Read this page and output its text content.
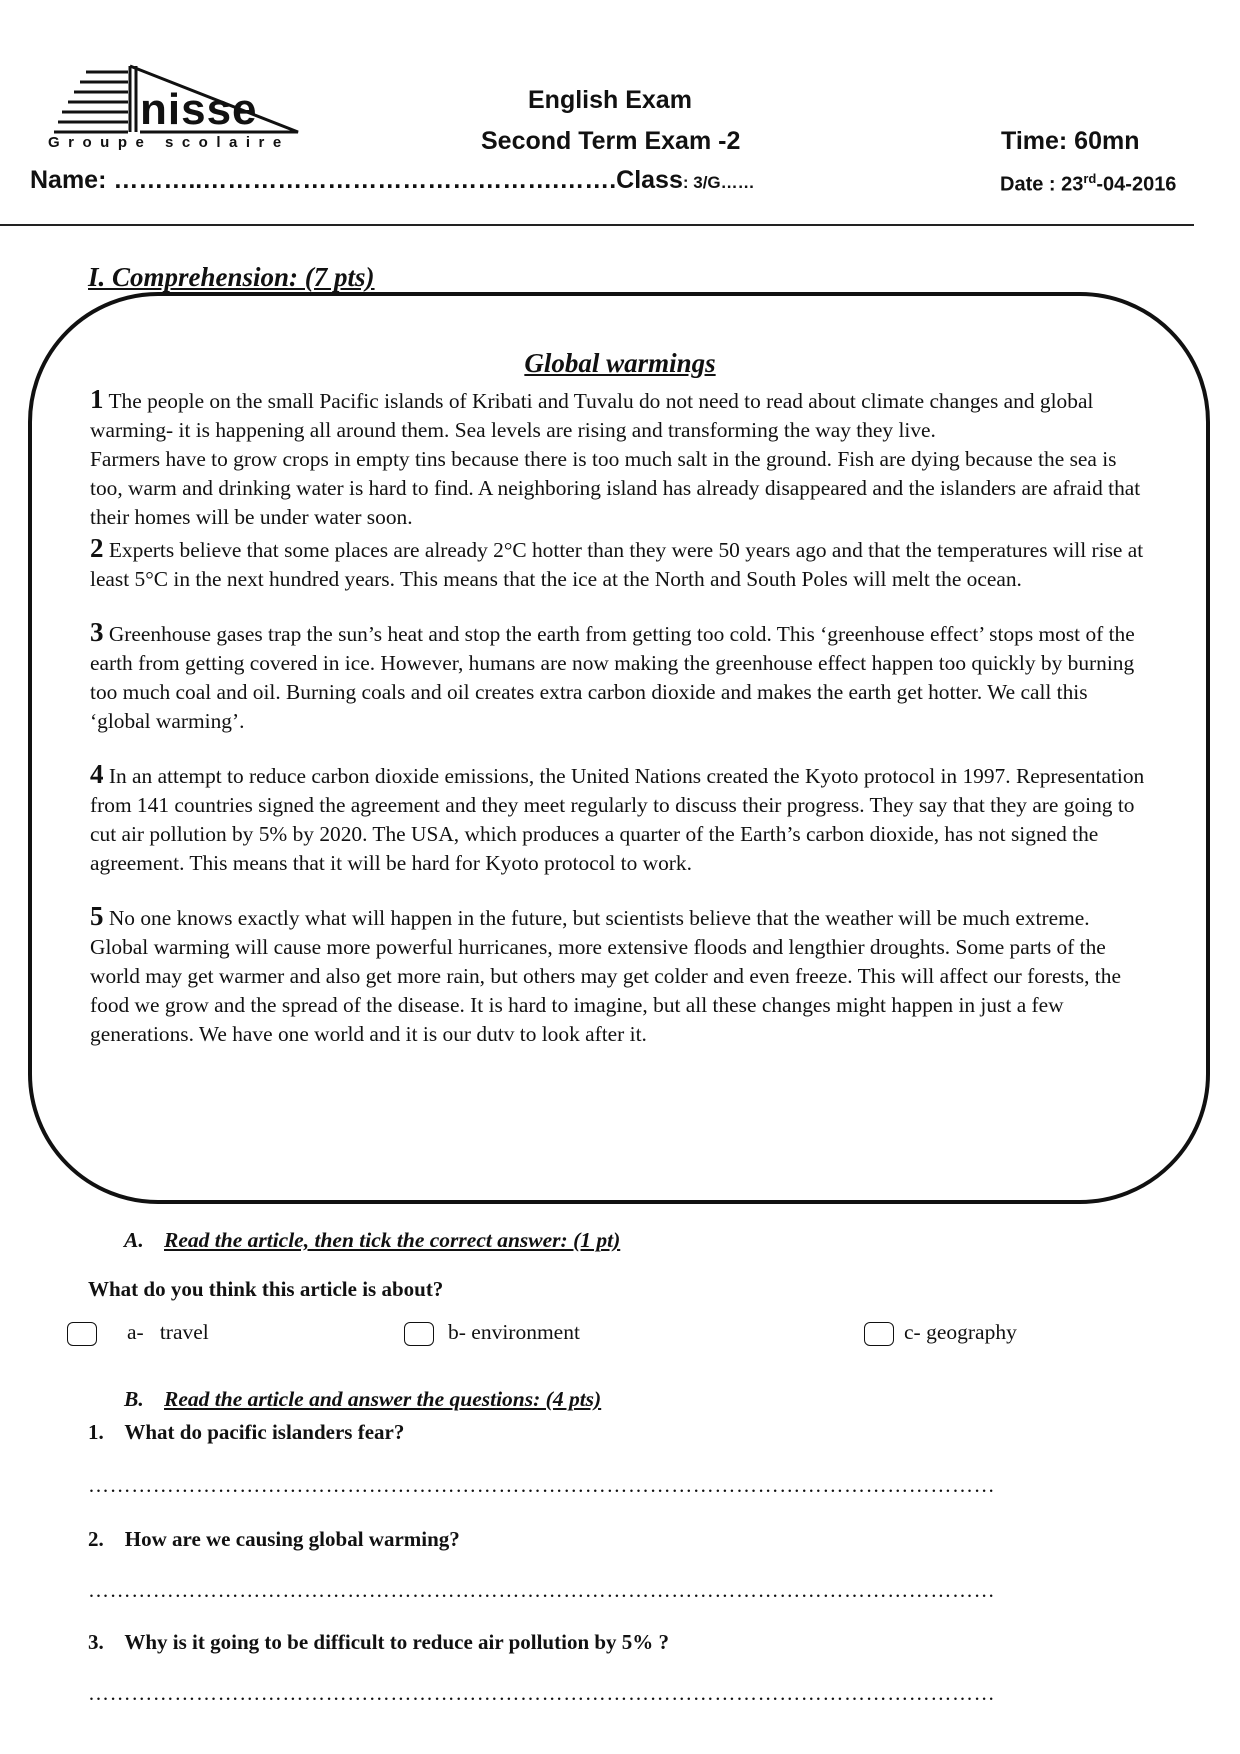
nisse
Groupe scolaire
English Exam
Second Term Exam -2	Time: 60mn
Name: ………..…………………………………….…….Class: 3/G……	Date : 23rd-04-2016
I. Comprehension: (7 pts)
Global warmings

1 The people on the small Pacific islands of Kribati and Tuvalu do not need to read about climate changes and global warming- it is happening all around them. Sea levels are rising and transforming the way they live.

Farmers have to grow crops in empty tins because there is too much salt in the ground. Fish are dying because the sea is too, warm and drinking water is hard to find. A neighboring island has already disappeared and the islanders are afraid that their homes will be under water soon.

2 Experts believe that some places are already 2°C hotter than they were 50 years ago and that the temperatures will rise at least 5°C in the next hundred years. This means that the ice at the North and South Poles will melt the ocean.

3 Greenhouse gases trap the sun’s heat and stop the earth from getting too cold. This ‘greenhouse effect’ stops most of the earth from getting covered in ice. However, humans are now making the greenhouse effect happen too quickly by burning too much coal and oil. Burning coals and oil creates extra carbon dioxide and makes the earth get hotter. We call this ‘global warming’.

4 In an attempt to reduce carbon dioxide emissions, the United Nations created the Kyoto protocol in 1997. Representation from 141 countries signed the agreement and they meet regularly to discuss their progress. They say that they are going to cut air pollution by 5% by 2020. The USA, which produces a quarter of the Earth’s carbon dioxide, has not signed the agreement. This means that it will be hard for Kyoto protocol to work.

5 No one knows exactly what will happen in the future, but scientists believe that the weather will be much extreme. Global warming will cause more powerful hurricanes, more extensive floods and lengthier droughts. Some parts of the world may get warmer and also get more rain, but others may get colder and even freeze. This will affect our forests, the food we grow and the spread of the disease. It is hard to imagine, but all these changes might happen in just a few generations. We have one world and it is our dutv to look after it.

A. Read the article, then tick the correct answer: (1 pt)
What do you think this article is about?
a-   travel	b- environment	c- geography
B. Read the article and answer the questions: (4 pts)
1.    What do pacific islanders fear?
………………………………………………………………………………………………………………
2.    How are we causing global warming?
………………………………………………………………………………………………………………
3.    Why is it going to be difficult to reduce air pollution by 5% ?
………………………………………………………………………………………………………………
